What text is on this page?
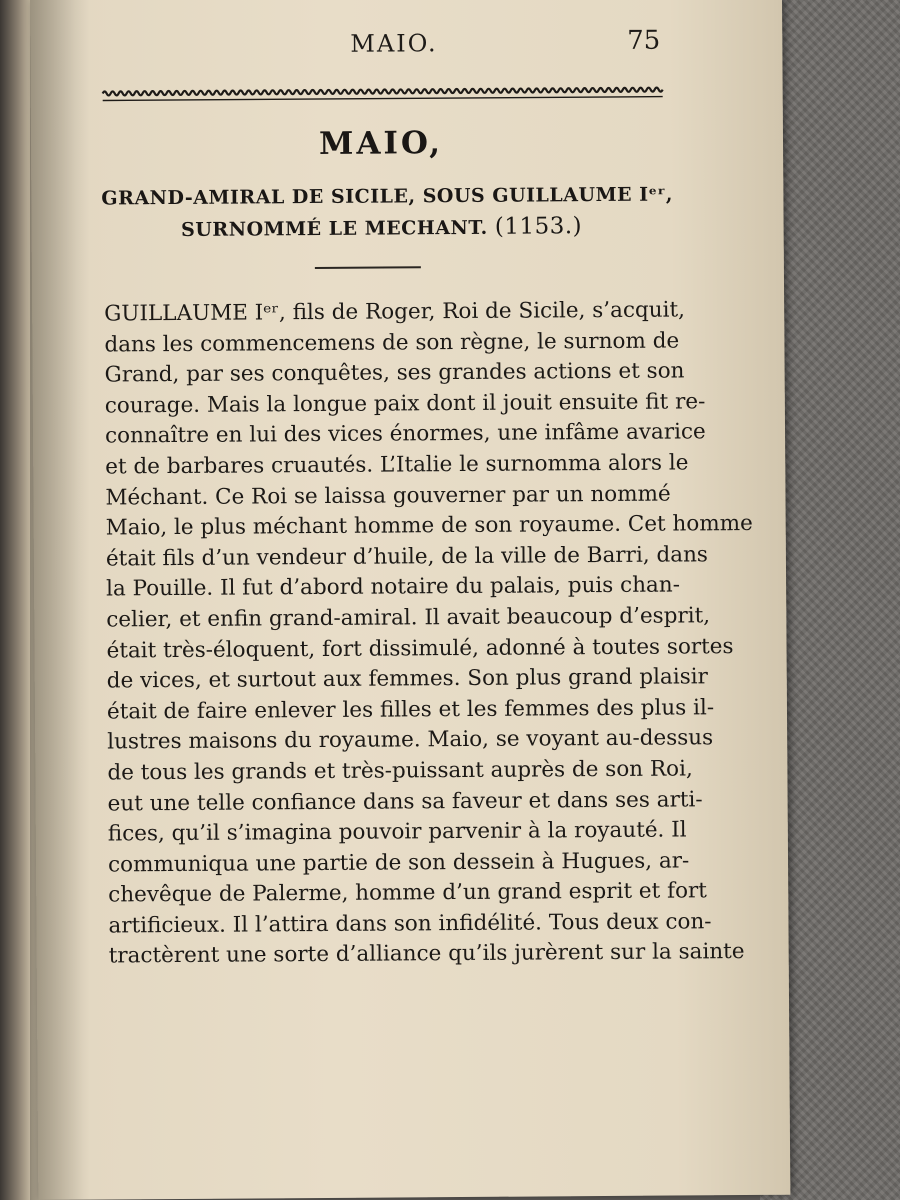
MAIO.	75
MAIO,
GRAND-AMIRAL DE SICILE, SOUS GUILLAUME Iᵉʳ,
SURNOMMÉ LE MECHANT. (1153.)
GUILLAUME Iᵉʳ, fils de Roger, Roi de Sicile, s’acquit,
dans les commencemens de son règne, le surnom de
Grand, par ses conquêtes, ses grandes actions et son
courage. Mais la longue paix dont il jouit ensuite fit re-
connaître en lui des vices énormes, une infâme avarice
et de barbares cruautés. L’Italie le surnomma alors le
Méchant. Ce Roi se laissa gouverner par un nommé
Maio, le plus méchant homme de son royaume. Cet homme
était fils d’un vendeur d’huile, de la ville de Barri, dans
la Pouille. Il fut d’abord notaire du palais, puis chan-
celier, et enfin grand-amiral. Il avait beaucoup d’esprit,
était très-éloquent, fort dissimulé, adonné à toutes sortes
de vices, et surtout aux femmes. Son plus grand plaisir
était de faire enlever les filles et les femmes des plus il-
lustres maisons du royaume. Maio, se voyant au-dessus
de tous les grands et très-puissant auprès de son Roi,
eut une telle confiance dans sa faveur et dans ses arti-
fices, qu’il s’imagina pouvoir parvenir à la royauté. Il
communiqua une partie de son dessein à Hugues, ar-
chevêque de Palerme, homme d’un grand esprit et fort
artificieux. Il l’attira dans son infidélité. Tous deux con-
tractèrent une sorte d’alliance qu’ils jurèrent sur la sainte
